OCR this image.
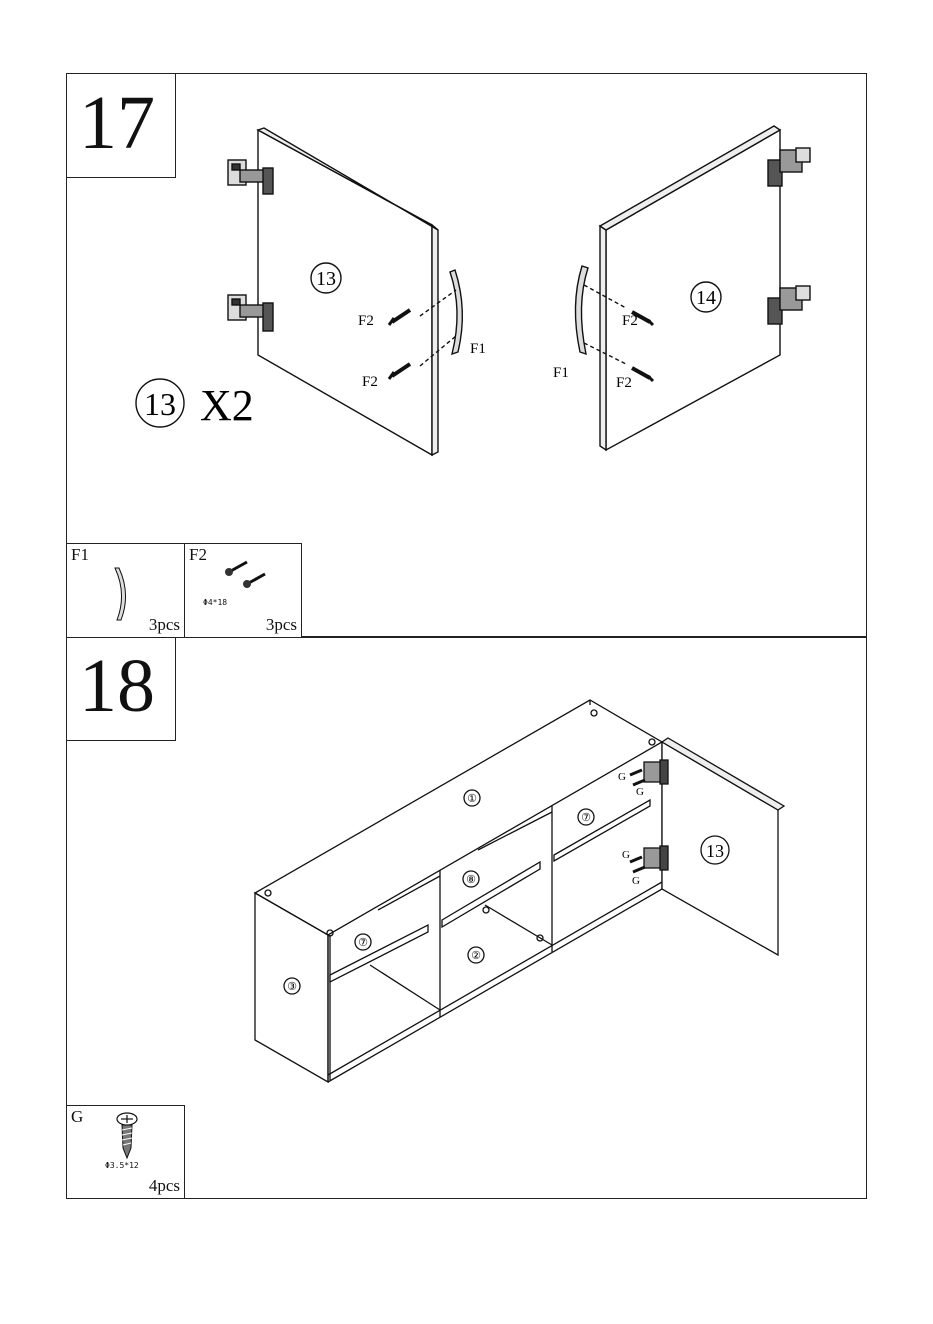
17
18
13
14
13 X2
F2
F2
F1
F1
F2
F2
F1
3pcs
F2
Φ4*18
3pcs
①
⑦
⑧
⑦
②
③
13
G
G
G
G
G
Φ3.5*12
4pcs
